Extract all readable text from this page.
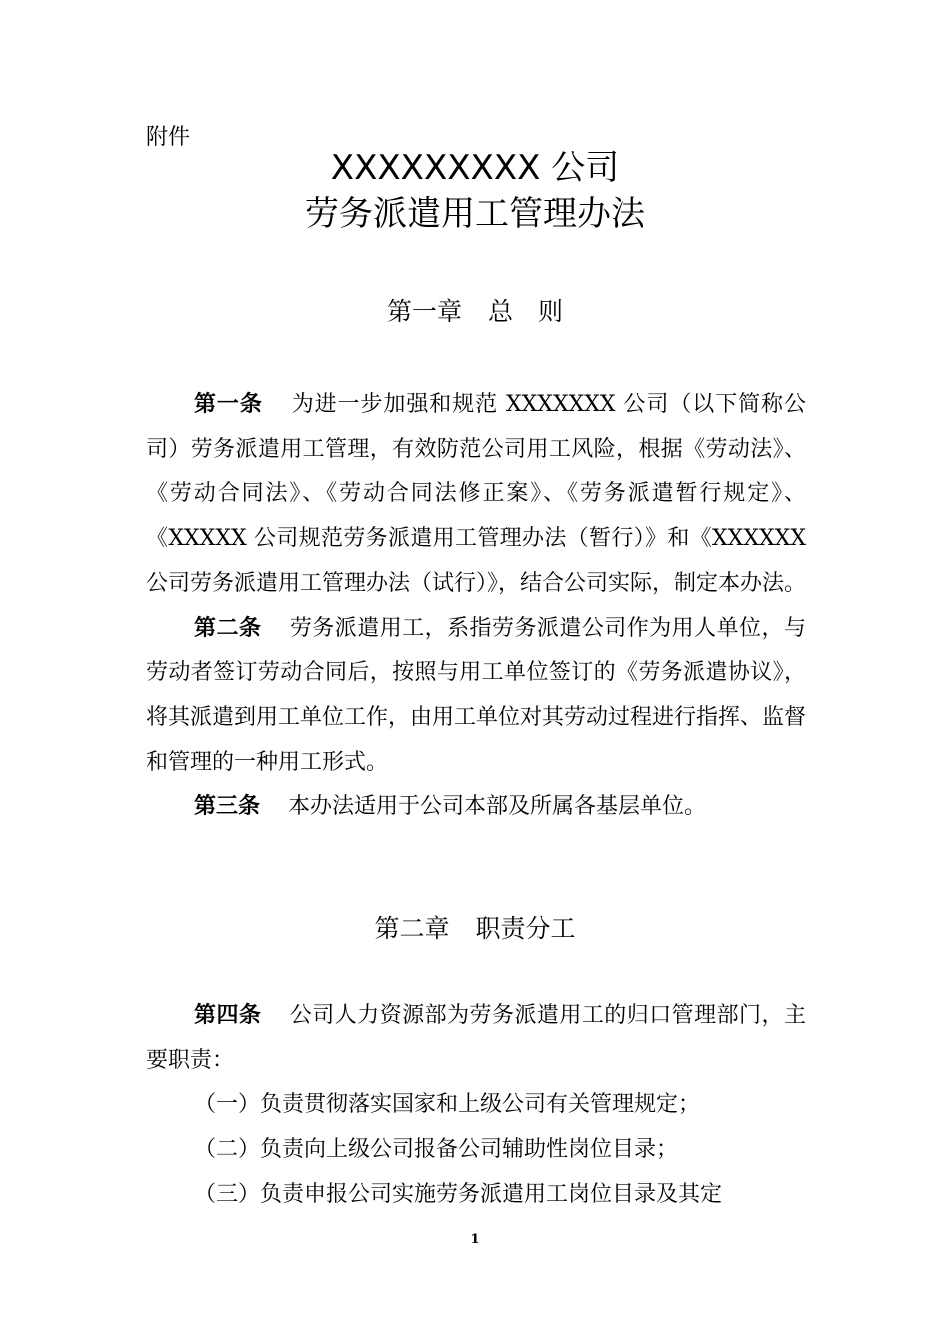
附件
XXXXXXXXX 公司
劳务派遣用工管理办法
第一章 总　则

第一条 为进一步加强和规范 XXXXXXX 公司（以下简称公司）劳务派遣用工管理，有效防范公司用工风险，根据《劳动法》、《劳动合同法》、《劳动合同法修正案》、《劳务派遣暂行规定》、《XXXXX 公司规范劳务派遣用工管理办法（暂行）》和《XXXXXX 公司劳务派遣用工管理办法（试行）》，结合公司实际，制定本办法。

第二条 劳务派遣用工，系指劳务派遣公司作为用人单位，与劳动者签订劳动合同后，按照与用工单位签订的《劳务派遣协议》，将其派遣到用工单位工作，由用工单位对其劳动过程进行指挥、监督和管理的一种用工形式。

第三条 本办法适用于公司本部及所属各基层单位。

第二章 职责分工

第四条 公司人力资源部为劳务派遣用工的归口管理部门，主要职责：

（一）负责贯彻落实国家和上级公司有关管理规定；

（二）负责向上级公司报备公司辅助性岗位目录；

（三）负责申报公司实施劳务派遣用工岗位目录及其定

1
